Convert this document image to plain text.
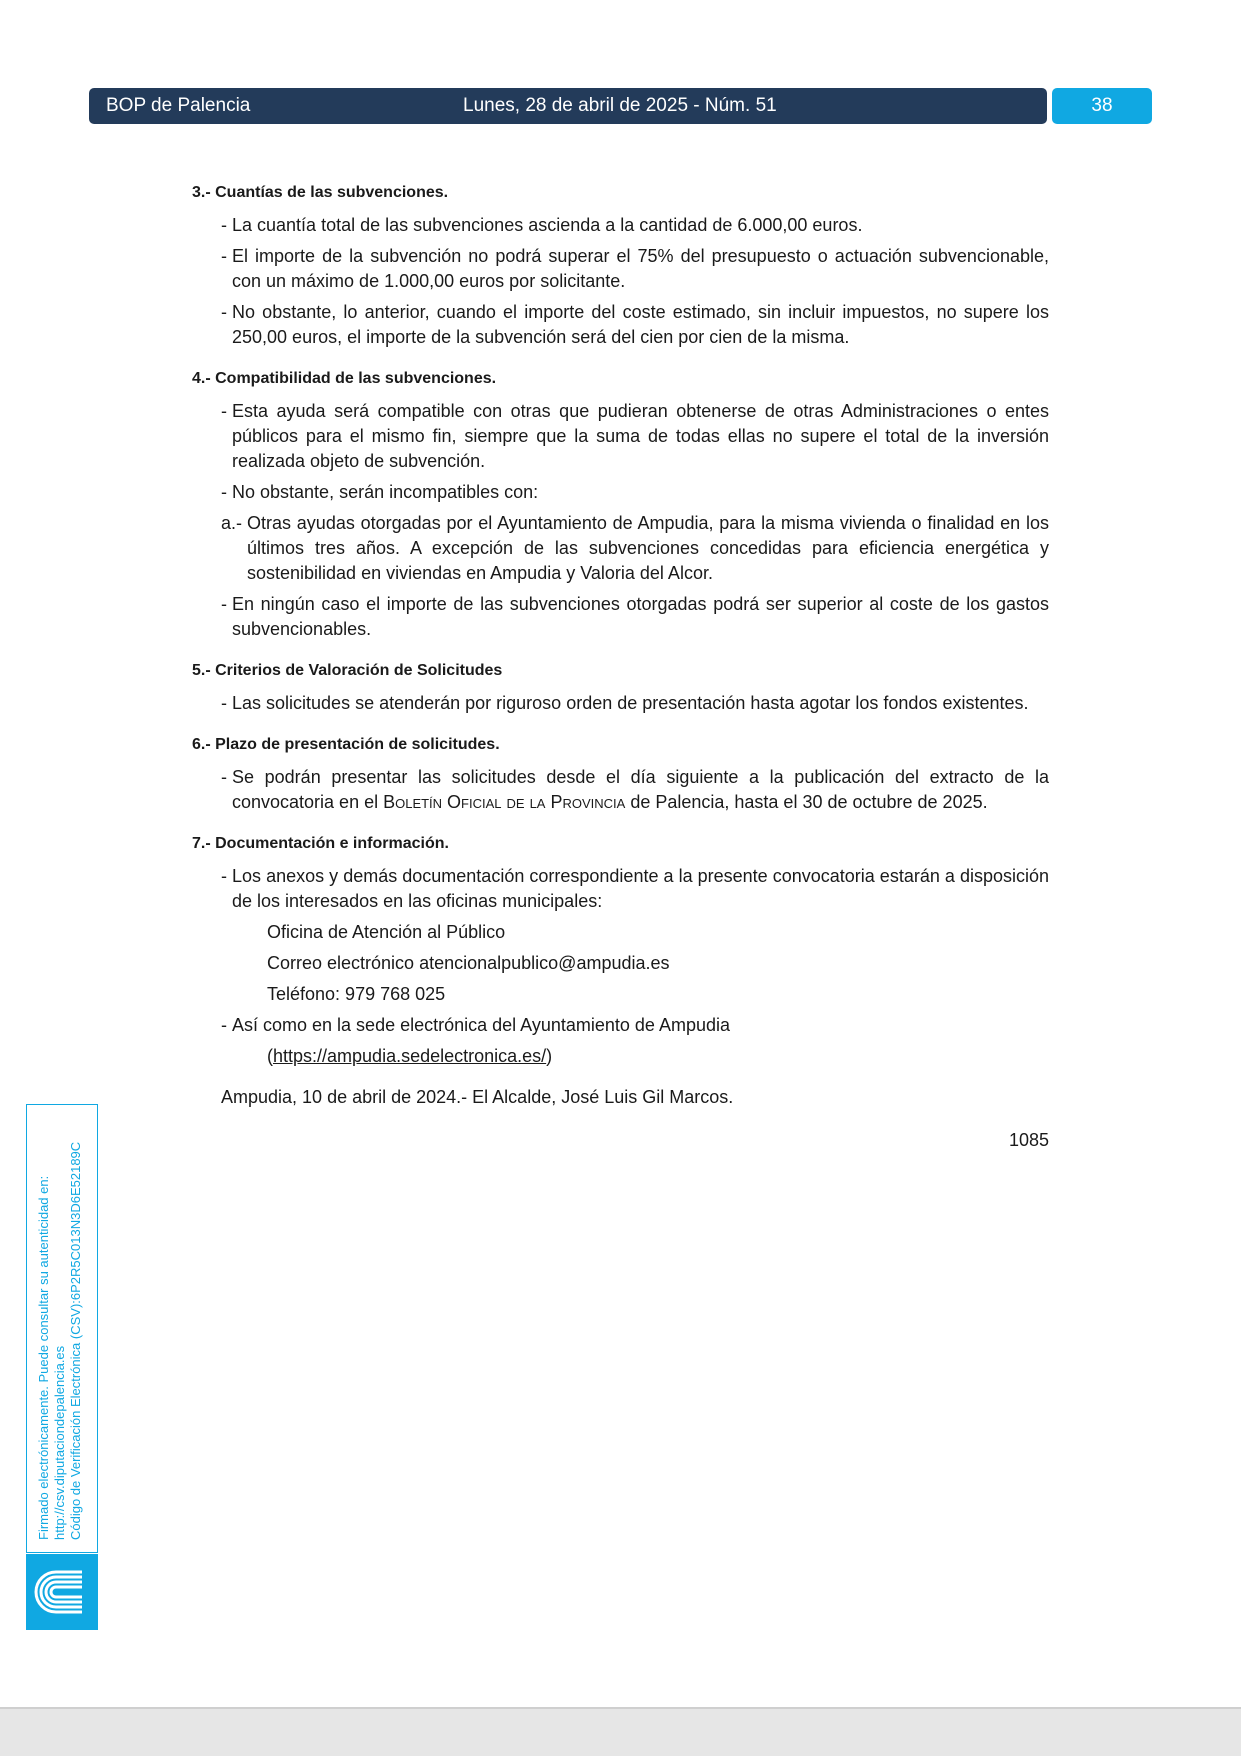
BOP de Palencia	Lunes, 28 de abril de 2025 - Núm. 51	38

3.- Cuantías de las subvenciones.

- La cuantía total de las subvenciones ascienda a la cantidad de 6.000,00 euros.

- El importe de la subvención no podrá superar el 75% del presupuesto o actuación subvencionable, con un máximo de 1.000,00 euros por solicitante.

- No obstante, lo anterior, cuando el importe del coste estimado, sin incluir impuestos, no supere los 250,00 euros, el importe de la subvención será del cien por cien de la misma.

4.- Compatibilidad de las subvenciones.

- Esta ayuda será compatible con otras que pudieran obtenerse de otras Administraciones o entes públicos para el mismo fin, siempre que la suma de todas ellas no supere el total de la inversión realizada objeto de subvención.

- No obstante, serán incompatibles con:

a.- Otras ayudas otorgadas por el Ayuntamiento de Ampudia, para la misma vivienda o finalidad en los últimos tres años. A excepción de las subvenciones concedidas para eficiencia energética y sostenibilidad en viviendas en Ampudia y Valoria del Alcor.

- En ningún caso el importe de las subvenciones otorgadas podrá ser superior al coste de los gastos subvencionables.

5.- Criterios de Valoración de Solicitudes

- Las solicitudes se atenderán por riguroso orden de presentación hasta agotar los fondos existentes.

6.- Plazo de presentación de solicitudes.

- Se podrán presentar las solicitudes desde el día siguiente a la publicación del extracto de la convocatoria en el Boletín Oficial de la Provincia de Palencia, hasta el 30 de octubre de 2025.

7.- Documentación e información.

- Los anexos y demás documentación correspondiente a la presente convocatoria estarán a disposición de los interesados en las oficinas municipales:

Oficina de Atención al Público

Correo electrónico atencionalpublico@ampudia.es

Teléfono: 979 768 025

- Así como en la sede electrónica del Ayuntamiento de Ampudia

(https://ampudia.sedelectronica.es/)

Ampudia, 10 de abril de 2024.- El Alcalde, José Luis Gil Marcos.

1085

Firmado electrónicamente. Puede consultar su autenticidad en: http://csv.diputaciondepalencia.es Código de Verificación Electrónica (CSV):6P2R5C013N3D6E52189C
